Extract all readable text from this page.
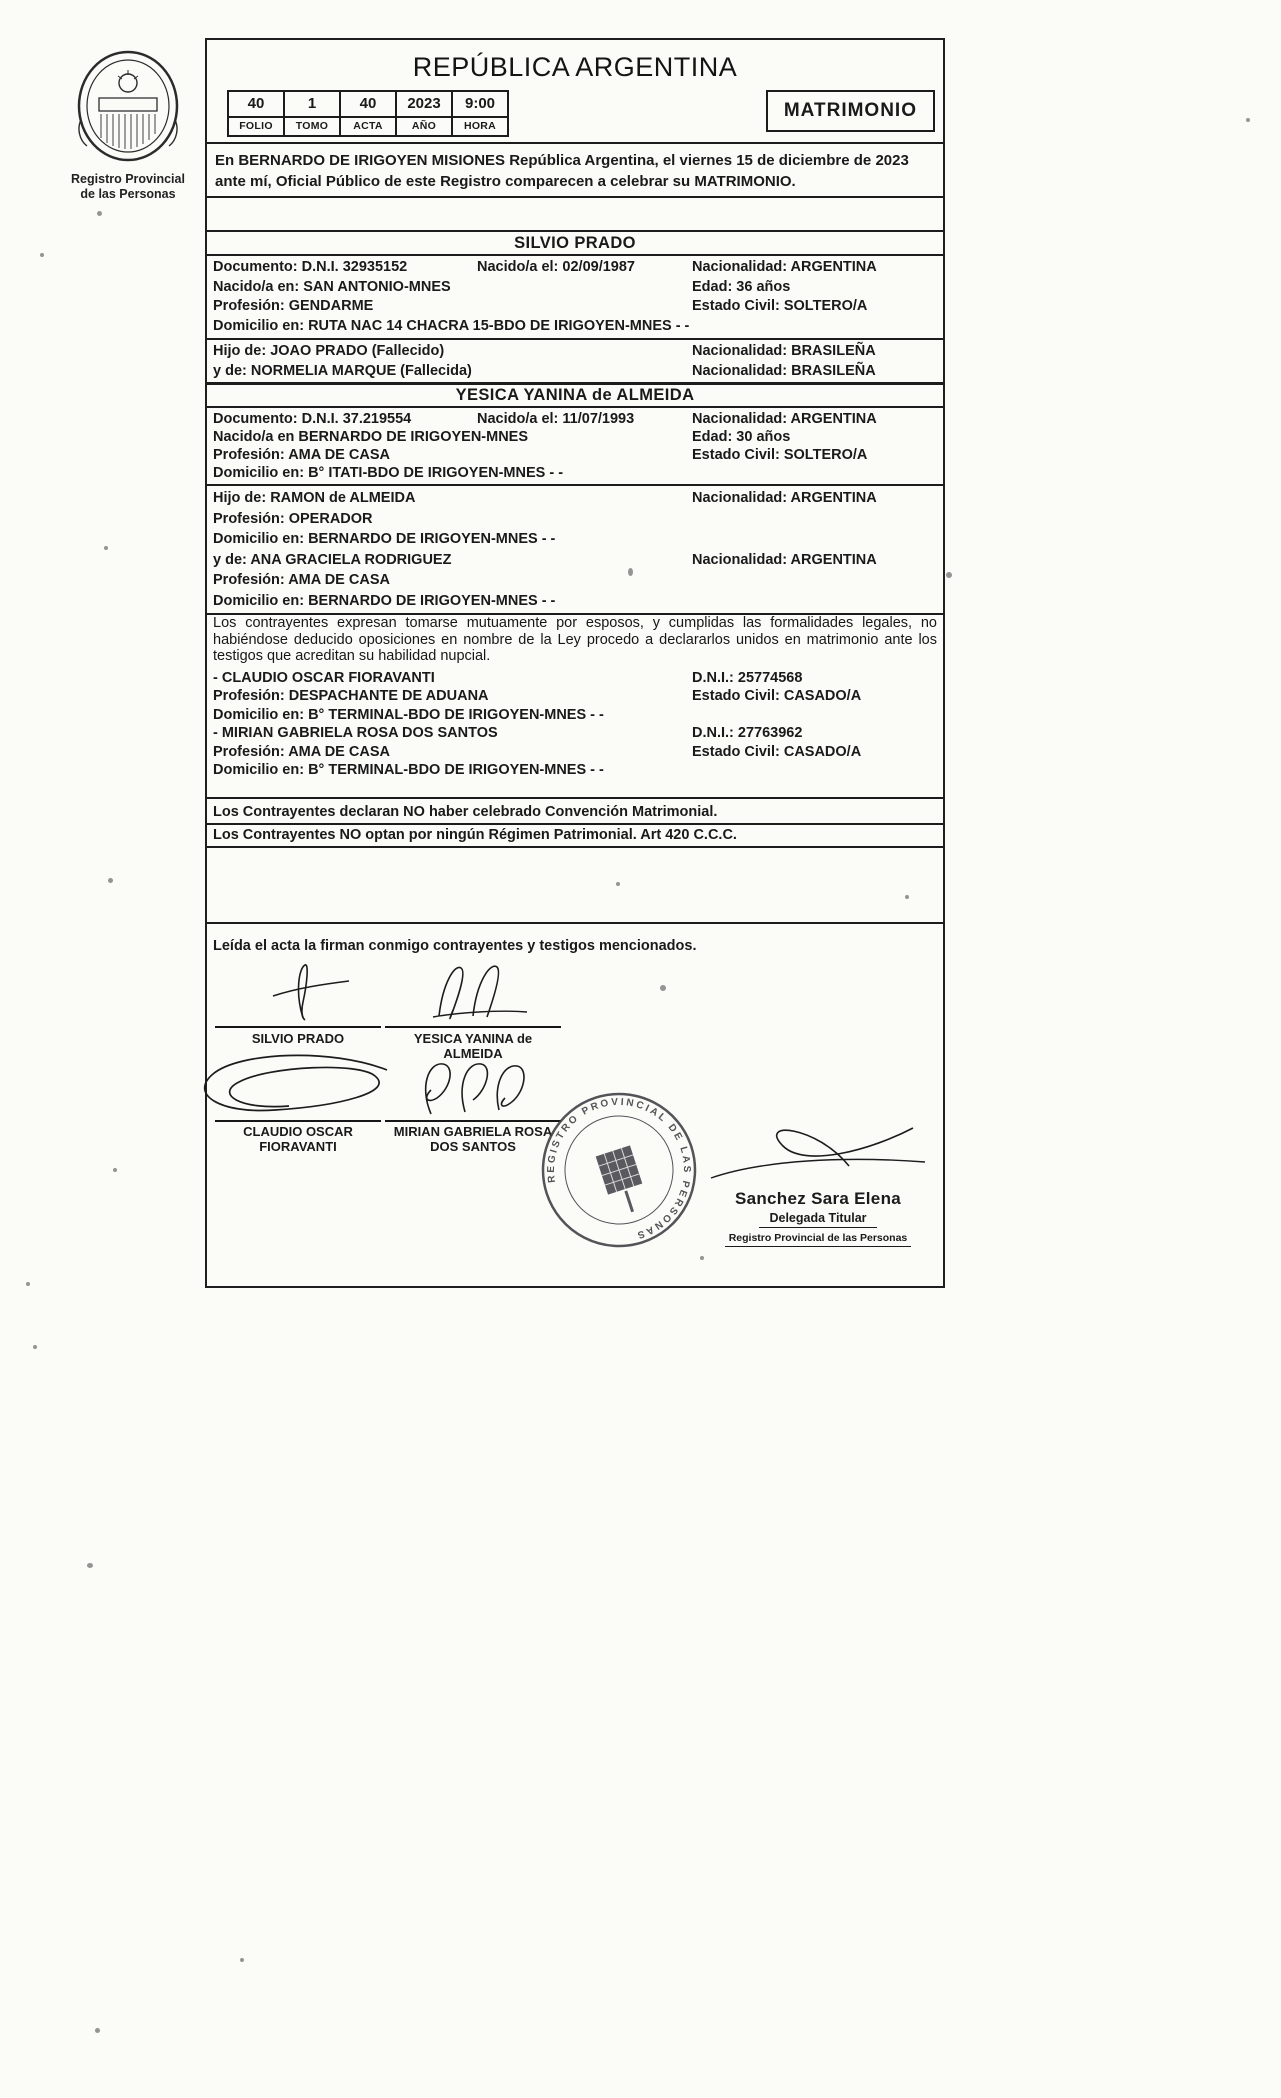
Registro Provincial
de las Personas
REPÚBLICA ARGENTINA
40
FOLIO
1
TOMO
40
ACTA
2023
AÑO
9:00
HORA
MATRIMONIO
En BERNARDO DE IRIGOYEN MISIONES República Argentina, el viernes 15 de diciembre de 2023 ante mí, Oficial Público de este Registro comparecen a celebrar su MATRIMONIO.
SILVIO PRADO
Documento: D.N.I. 32935152	Nacido/a el: 02/09/1987	Nacionalidad: ARGENTINA
Nacido/a en: SAN ANTONIO-MNES	Edad: 36 años
Profesión: GENDARME	Estado Civil: SOLTERO/A
Domicilio en: RUTA NAC 14 CHACRA 15-BDO DE IRIGOYEN-MNES - -
Hijo de: JOAO PRADO (Fallecido)	Nacionalidad: BRASILEÑA
y de: NORMELIA MARQUE (Fallecida)	Nacionalidad: BRASILEÑA
YESICA YANINA de ALMEIDA
Documento: D.N.I. 37.219554	Nacido/a el: 11/07/1993	Nacionalidad: ARGENTINA
Nacido/a en BERNARDO DE IRIGOYEN-MNES	Edad: 30 años
Profesión: AMA DE CASA	Estado Civil: SOLTERO/A
Domicilio en: B° ITATI-BDO DE IRIGOYEN-MNES - -
Hijo de: RAMON de ALMEIDA	Nacionalidad: ARGENTINA
Profesión: OPERADOR
Domicilio en: BERNARDO DE IRIGOYEN-MNES - -
y de: ANA GRACIELA RODRIGUEZ	Nacionalidad: ARGENTINA
Profesión: AMA DE CASA
Domicilio en: BERNARDO DE IRIGOYEN-MNES - -
Los contrayentes expresan tomarse mutuamente por esposos, y cumplidas las formalidades legales, no habiéndose deducido oposiciones en nombre de la Ley procedo a declararlos unidos en matrimonio ante los testigos que acreditan su habilidad nupcial.
- CLAUDIO OSCAR FIORAVANTI	D.N.I.: 25774568
Profesión: DESPACHANTE DE ADUANA	Estado Civil: CASADO/A
Domicilio en: B° TERMINAL-BDO DE IRIGOYEN-MNES - -
- MIRIAN GABRIELA ROSA DOS SANTOS	D.N.I.: 27763962
Profesión: AMA DE CASA	Estado Civil: CASADO/A
Domicilio en: B° TERMINAL-BDO DE IRIGOYEN-MNES - -
Los Contrayentes declaran NO haber celebrado Convención Matrimonial.
Los Contrayentes NO optan por ningún Régimen Patrimonial. Art 420 C.C.C.
Leída el acta la firman conmigo contrayentes y testigos mencionados.
SILVIO PRADO	YESICA YANINA de
ALMEIDA
CLAUDIO OSCAR
FIORAVANTI
MIRIAN GABRIELA ROSA
DOS SANTOS
REGISTRO PROVINCIAL DE LAS PERSONAS
Sanchez Sara Elena
Delegada Titular
Registro Provincial de las Personas
